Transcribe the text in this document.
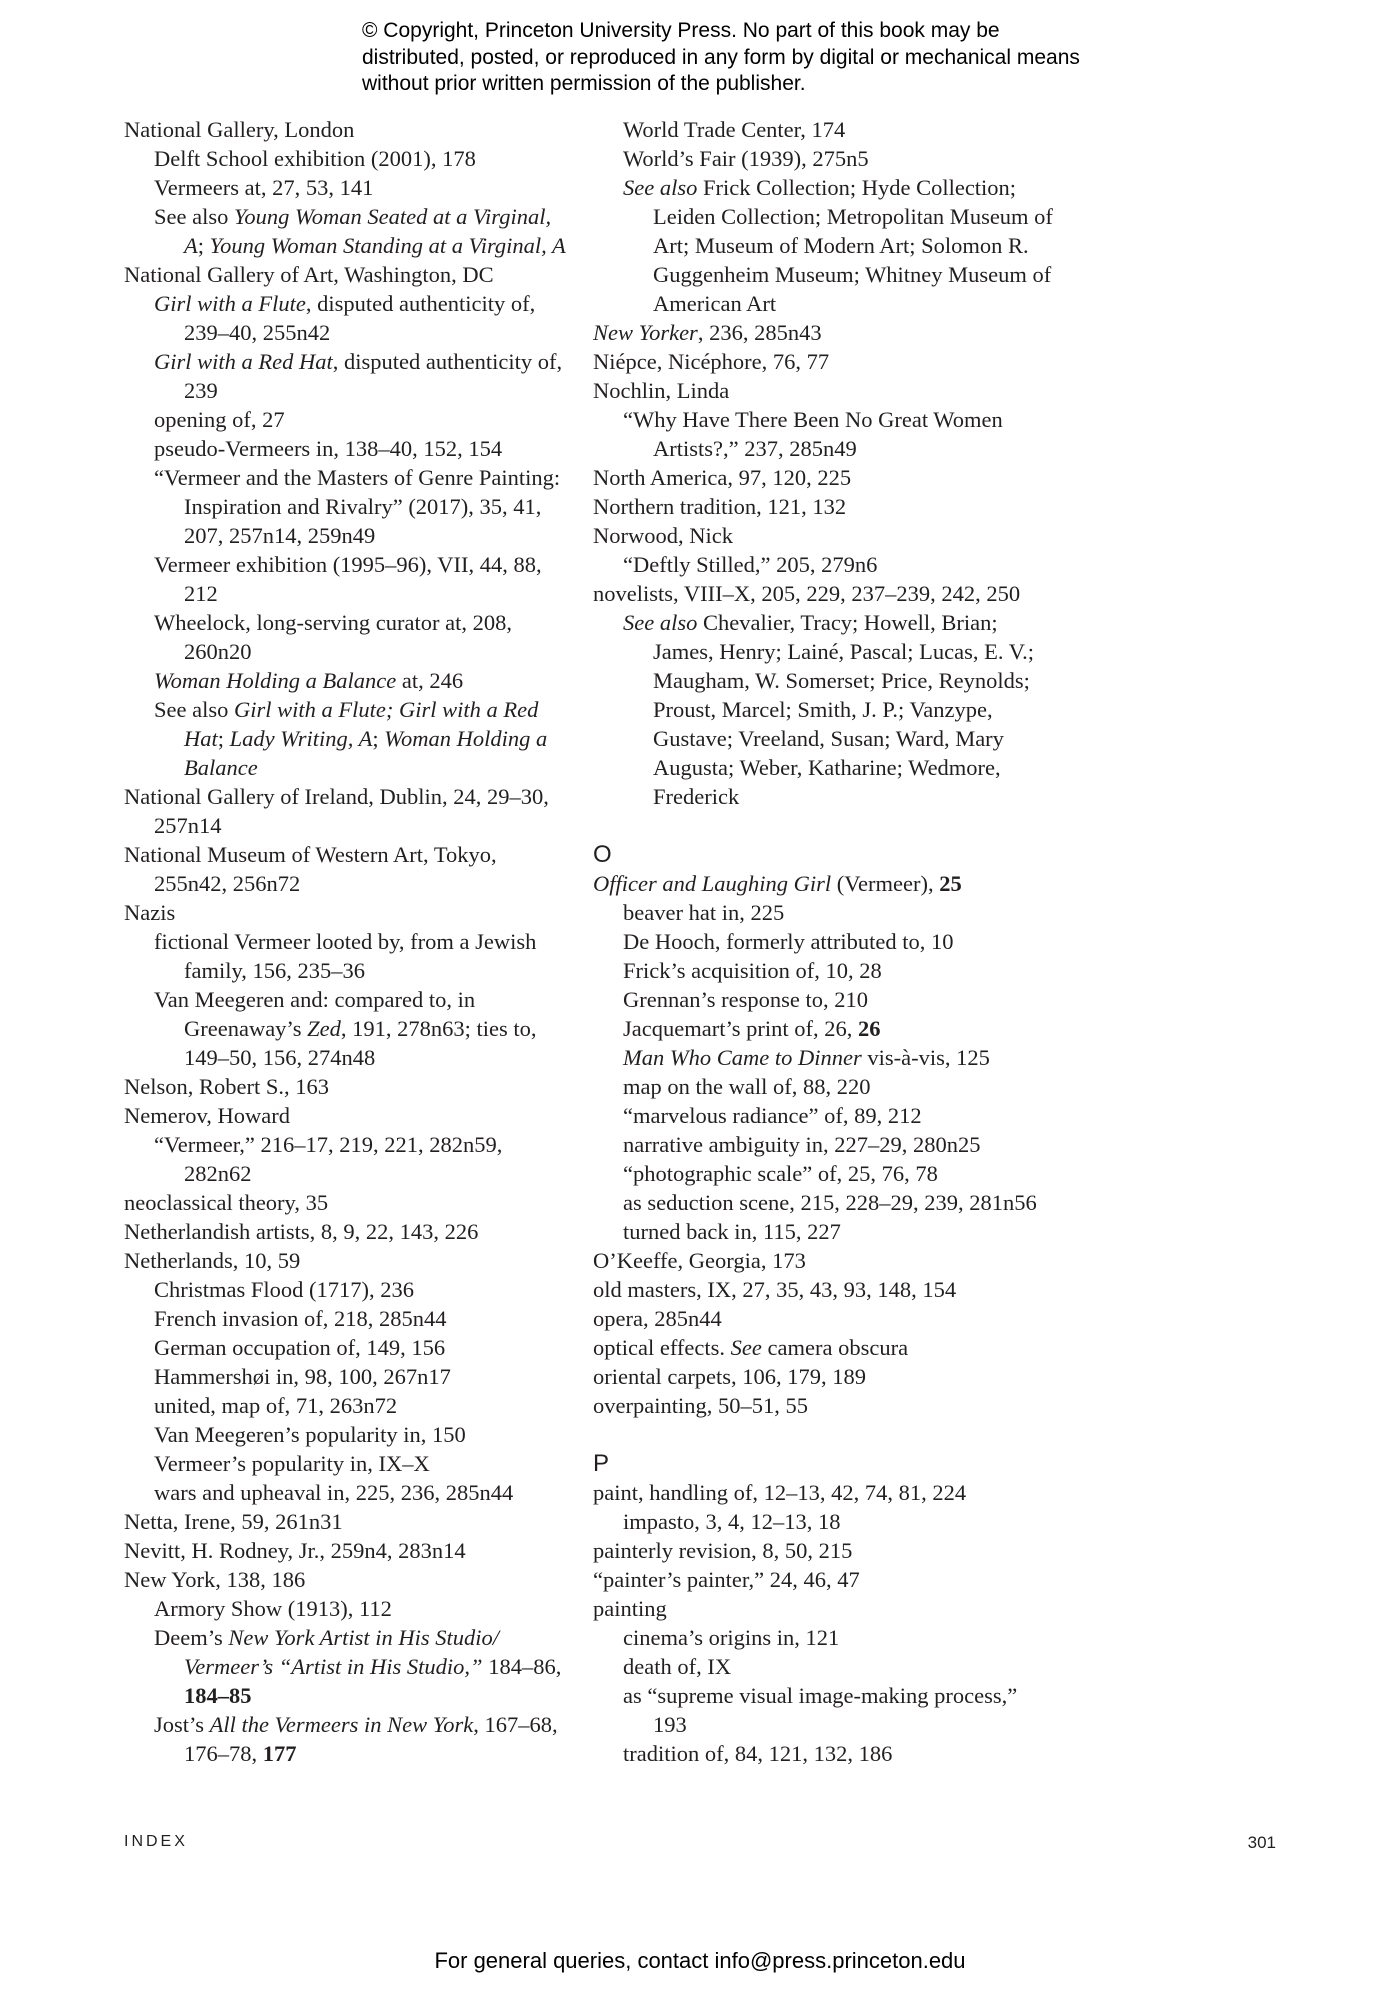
© Copyright, Princeton University Press. No part of this book may be distributed, posted, or reproduced in any form by digital or mechanical means without prior written permission of the publisher.

National Gallery, London

Delft School exhibition (2001), 178

Vermeers at, 27, 53, 141

See also Young Woman Seated at a Virginal, A; Young Woman Standing at a Virginal, A

National Gallery of Art, Washington, DC

Girl with a Flute, disputed authenticity of, 239–40, 255n42

Girl with a Red Hat, disputed authenticity of, 239

opening of, 27

pseudo-Vermeers in, 138–40, 152, 154

“Vermeer and the Masters of Genre Painting: Inspiration and Rivalry” (2017), 35, 41, 207, 257n14, 259n49

Vermeer exhibition (1995–96), VII, 44, 88, 212

Wheelock, long-serving curator at, 208, 260n20

Woman Holding a Balance at, 246

See also Girl with a Flute; Girl with a Red Hat; Lady Writing, A; Woman Holding a Balance

National Gallery of Ireland, Dublin, 24, 29–30, 257n14

National Museum of Western Art, Tokyo, 255n42, 256n72

Nazis

fictional Vermeer looted by, from a Jewish family, 156, 235–36

Van Meegeren and: compared to, in Greenaway’s Zed, 191, 278n63; ties to, 149–50, 156, 274n48

Nelson, Robert S., 163

Nemerov, Howard

“Vermeer,” 216–17, 219, 221, 282n59, 282n62

neoclassical theory, 35

Netherlandish artists, 8, 9, 22, 143, 226

Netherlands, 10, 59

Christmas Flood (1717), 236

French invasion of, 218, 285n44

German occupation of, 149, 156

Hammershøi in, 98, 100, 267n17

united, map of, 71, 263n72

Van Meegeren’s popularity in, 150

Vermeer’s popularity in, IX–X

wars and upheaval in, 225, 236, 285n44

Netta, Irene, 59, 261n31

Nevitt, H. Rodney, Jr., 259n4, 283n14

New York, 138, 186

Armory Show (1913), 112

Deem’s New York Artist in His Studio/ Vermeer’s “Artist in His Studio,” 184–86, 184–85

Jost’s All the Vermeers in New York, 167–68, 176–78, 177

World Trade Center, 174

World’s Fair (1939), 275n5

See also Frick Collection; Hyde Collection; Leiden Collection; Metropolitan Museum of Art; Museum of Modern Art; Solomon R. Guggenheim Museum; Whitney Museum of American Art

New Yorker, 236, 285n43

Niépce, Nicéphore, 76, 77

Nochlin, Linda

“Why Have There Been No Great Women Artists?,” 237, 285n49

North America, 97, 120, 225

Northern tradition, 121, 132

Norwood, Nick

“Deftly Stilled,” 205, 279n6

novelists, VIII–X, 205, 229, 237–239, 242, 250

See also Chevalier, Tracy; Howell, Brian; James, Henry; Lainé, Pascal; Lucas, E. V.; Maugham, W. Somerset; Price, Reynolds; Proust, Marcel; Smith, J. P.; Vanzype, Gustave; Vreeland, Susan; Ward, Mary Augusta; Weber, Katharine; Wedmore, Frederick

O

Officer and Laughing Girl (Vermeer), 25

beaver hat in, 225

De Hooch, formerly attributed to, 10

Frick’s acquisition of, 10, 28

Grennan’s response to, 210

Jacquemart’s print of, 26, 26

Man Who Came to Dinner vis-à-vis, 125

map on the wall of, 88, 220

“marvelous radiance” of, 89, 212

narrative ambiguity in, 227–29, 280n25

“photographic scale” of, 25, 76, 78

as seduction scene, 215, 228–29, 239, 281n56

turned back in, 115, 227

O’Keeffe, Georgia, 173

old masters, IX, 27, 35, 43, 93, 148, 154

opera, 285n44

optical effects. See camera obscura

oriental carpets, 106, 179, 189

overpainting, 50–51, 55

P

paint, handling of, 12–13, 42, 74, 81, 224

impasto, 3, 4, 12–13, 18

painterly revision, 8, 50, 215

“painter’s painter,” 24, 46, 47

painting

cinema’s origins in, 121

death of, IX

as “supreme visual image-making process,” 193

tradition of, 84, 121, 132, 186

INDEX	301
For general queries, contact info@press.princeton.edu
